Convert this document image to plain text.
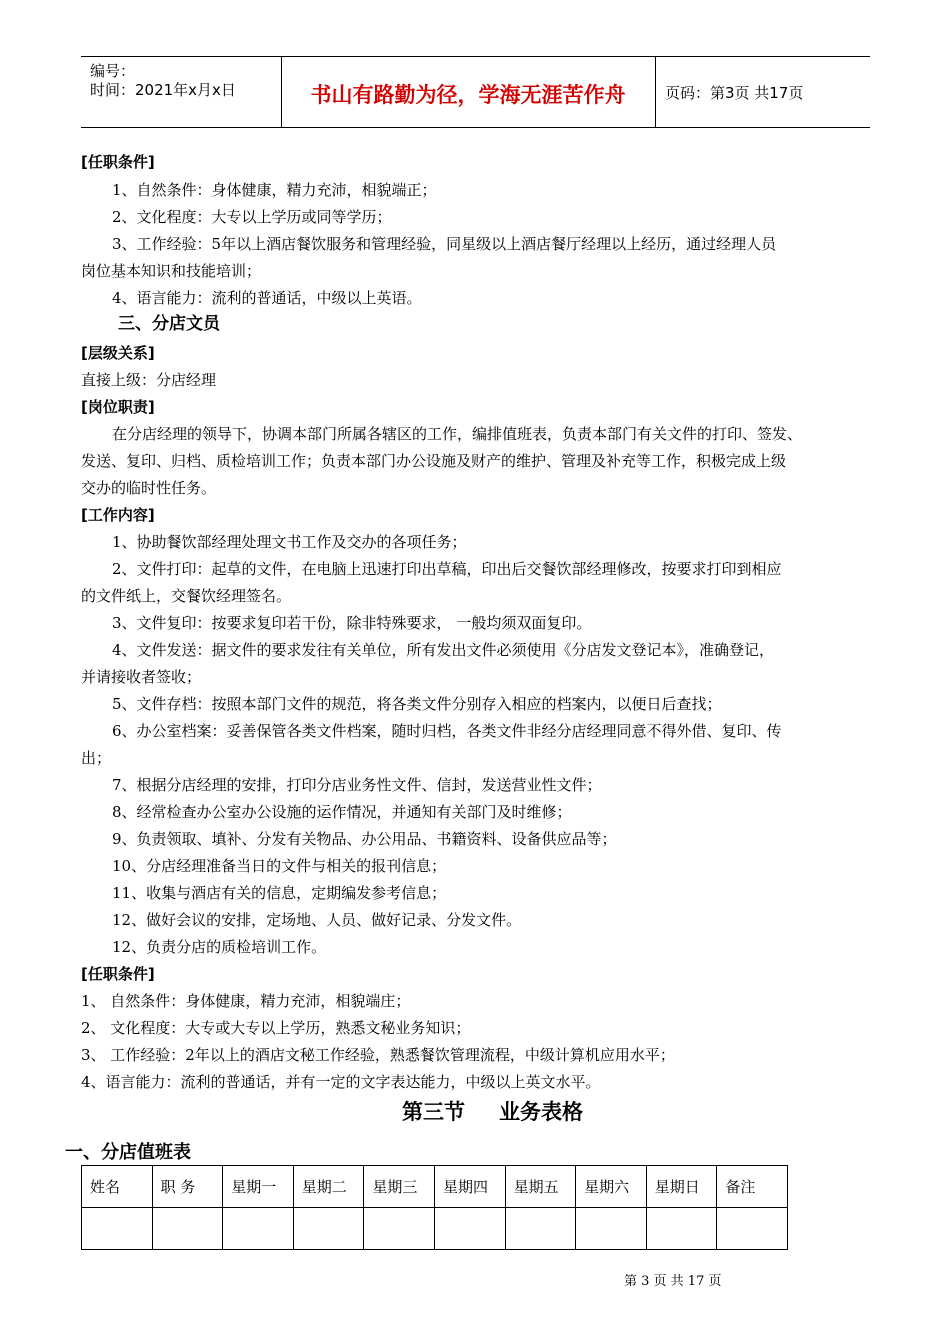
编号：
时间：2021年x月x日	书山有路勤为径，学海无涯苦作舟	页码：第3页 共17页
[任职条件]
1、自然条件：身体健康，精力充沛，相貌端正；
2、文化程度：大专以上学历或同等学历；
3、工作经验：5年以上酒店餐饮服务和管理经验，同星级以上酒店餐厅经理以上经历，通过经理人员
岗位基本知识和技能培训；
4、语言能力：流利的普通话，中级以上英语。
三、分店文员
[层级关系]
直接上级：分店经理
[岗位职责]
在分店经理的领导下，协调本部门所属各辖区的工作，编排值班表，负责本部门有关文件的打印、签发、
发送、复印、归档、质检培训工作；负责本部门办公设施及财产的维护、管理及补充等工作，积极完成上级
交办的临时性任务。
[工作内容]
1、协助餐饮部经理处理文书工作及交办的各项任务；
2、文件打印：起草的文件，在电脑上迅速打印出草稿，印出后交餐饮部经理修改，按要求打印到相应
的文件纸上，交餐饮经理签名。
3、文件复印：按要求复印若干份，除非特殊要求， 一般均须双面复印。
4、文件发送：据文件的要求发往有关单位，所有发出文件必须使用《分店发文登记本》，准确登记，
并请接收者签收；
5、文件存档：按照本部门文件的规范，将各类文件分别存入相应的档案内，以便日后查找；
6、办公室档案：妥善保管各类文件档案，随时归档，各类文件非经分店经理同意不得外借、复印、传
出；
7、根据分店经理的安排，打印分店业务性文件、信封，发送营业性文件；
8、经常检查办公室办公设施的运作情况，并通知有关部门及时维修；
9、负责领取、填补、分发有关物品、办公用品、书籍资料、设备供应品等；
10、分店经理准备当日的文件与相关的报刊信息；
11、收集与酒店有关的信息，定期编发参考信息；
12、做好会议的安排，定场地、人员、做好记录、分发文件。
12、负责分店的质检培训工作。
[任职条件]
1、 自然条件：身体健康，精力充沛，相貌端庄；
2、 文化程度：大专或大专以上学历，熟悉文秘业务知识；
3、 工作经验：2年以上的酒店文秘工作经验，熟悉餐饮管理流程，中级计算机应用水平；
4、语言能力：流利的普通话，并有一定的文字表达能力，中级以上英文水平。
第三节 业务表格
一、分店值班表
姓名	职 务	星期一	星期二	星期三	星期四	星期五	星期六	星期日	备注

第 3 页 共 17 页
